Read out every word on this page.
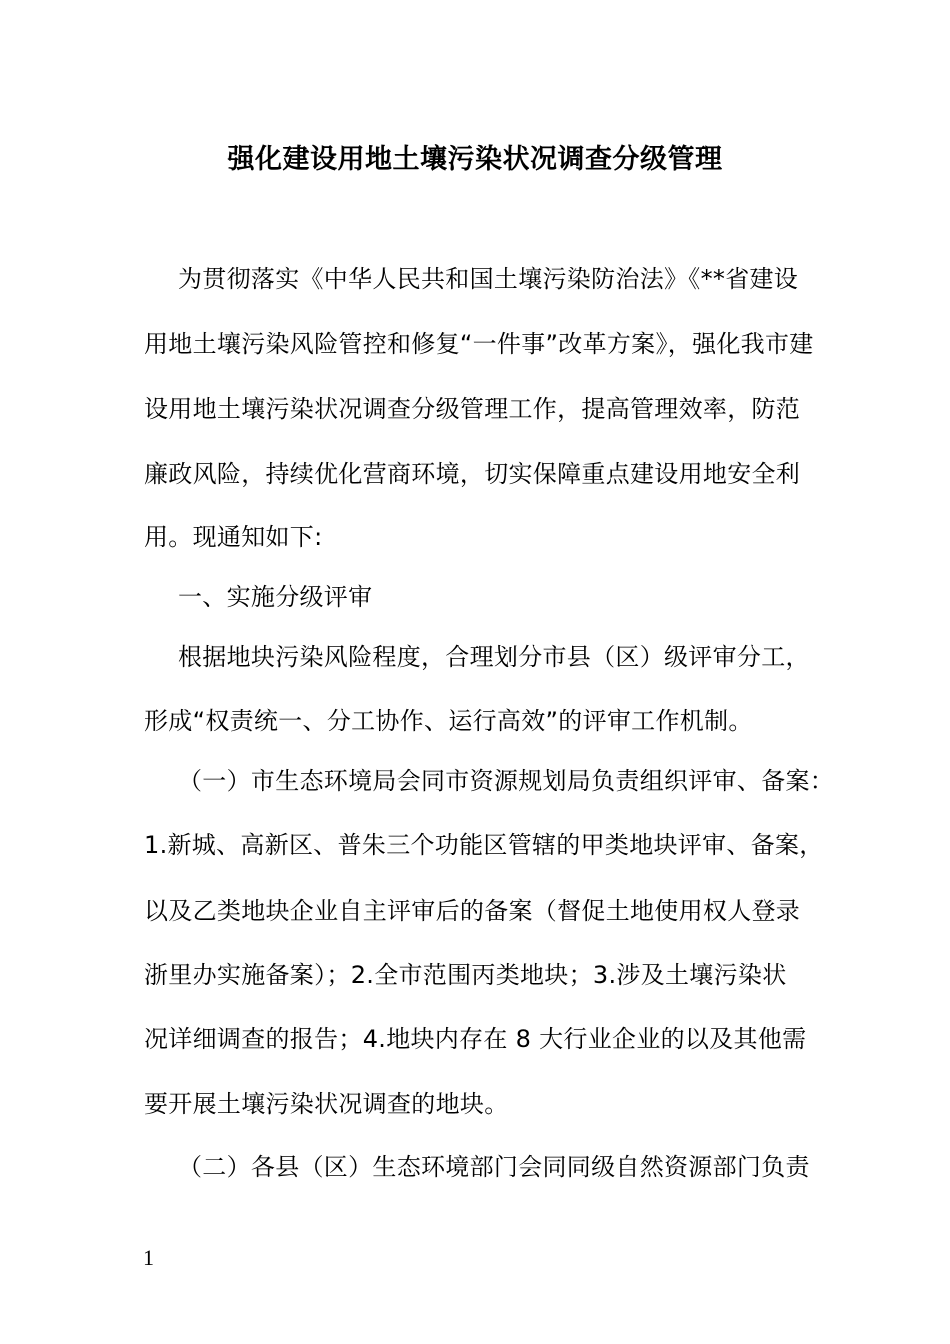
强化建设用地土壤污染状况调查分级管理
为贯彻落实《中华人民共和国土壤污染防治法》《**省建设
用地土壤污染风险管控和修复“一件事”改革方案》，强化我市建
设用地土壤污染状况调查分级管理工作，提高管理效率，防范
廉政风险，持续优化营商环境，切实保障重点建设用地安全利
用。现通知如下:
一、实施分级评审
根据地块污染风险程度，合理划分市县（区）级评审分工，
形成“权责统一、分工协作、运行高效”的评审工作机制。
（一）市生态环境局会同市资源规划局负责组织评审、备案：
1.新城、高新区、普朱三个功能区管辖的甲类地块评审、备案，
以及乙类地块企业自主评审后的备案（督促土地使用权人登录
浙里办实施备案）；2.全市范围丙类地块；3.涉及土壤污染状
况详细调查的报告；4.地块内存在 8 大行业企业的以及其他需
要开展土壤污染状况调查的地块。
（二）各县（区）生态环境部门会同同级自然资源部门负责
1
